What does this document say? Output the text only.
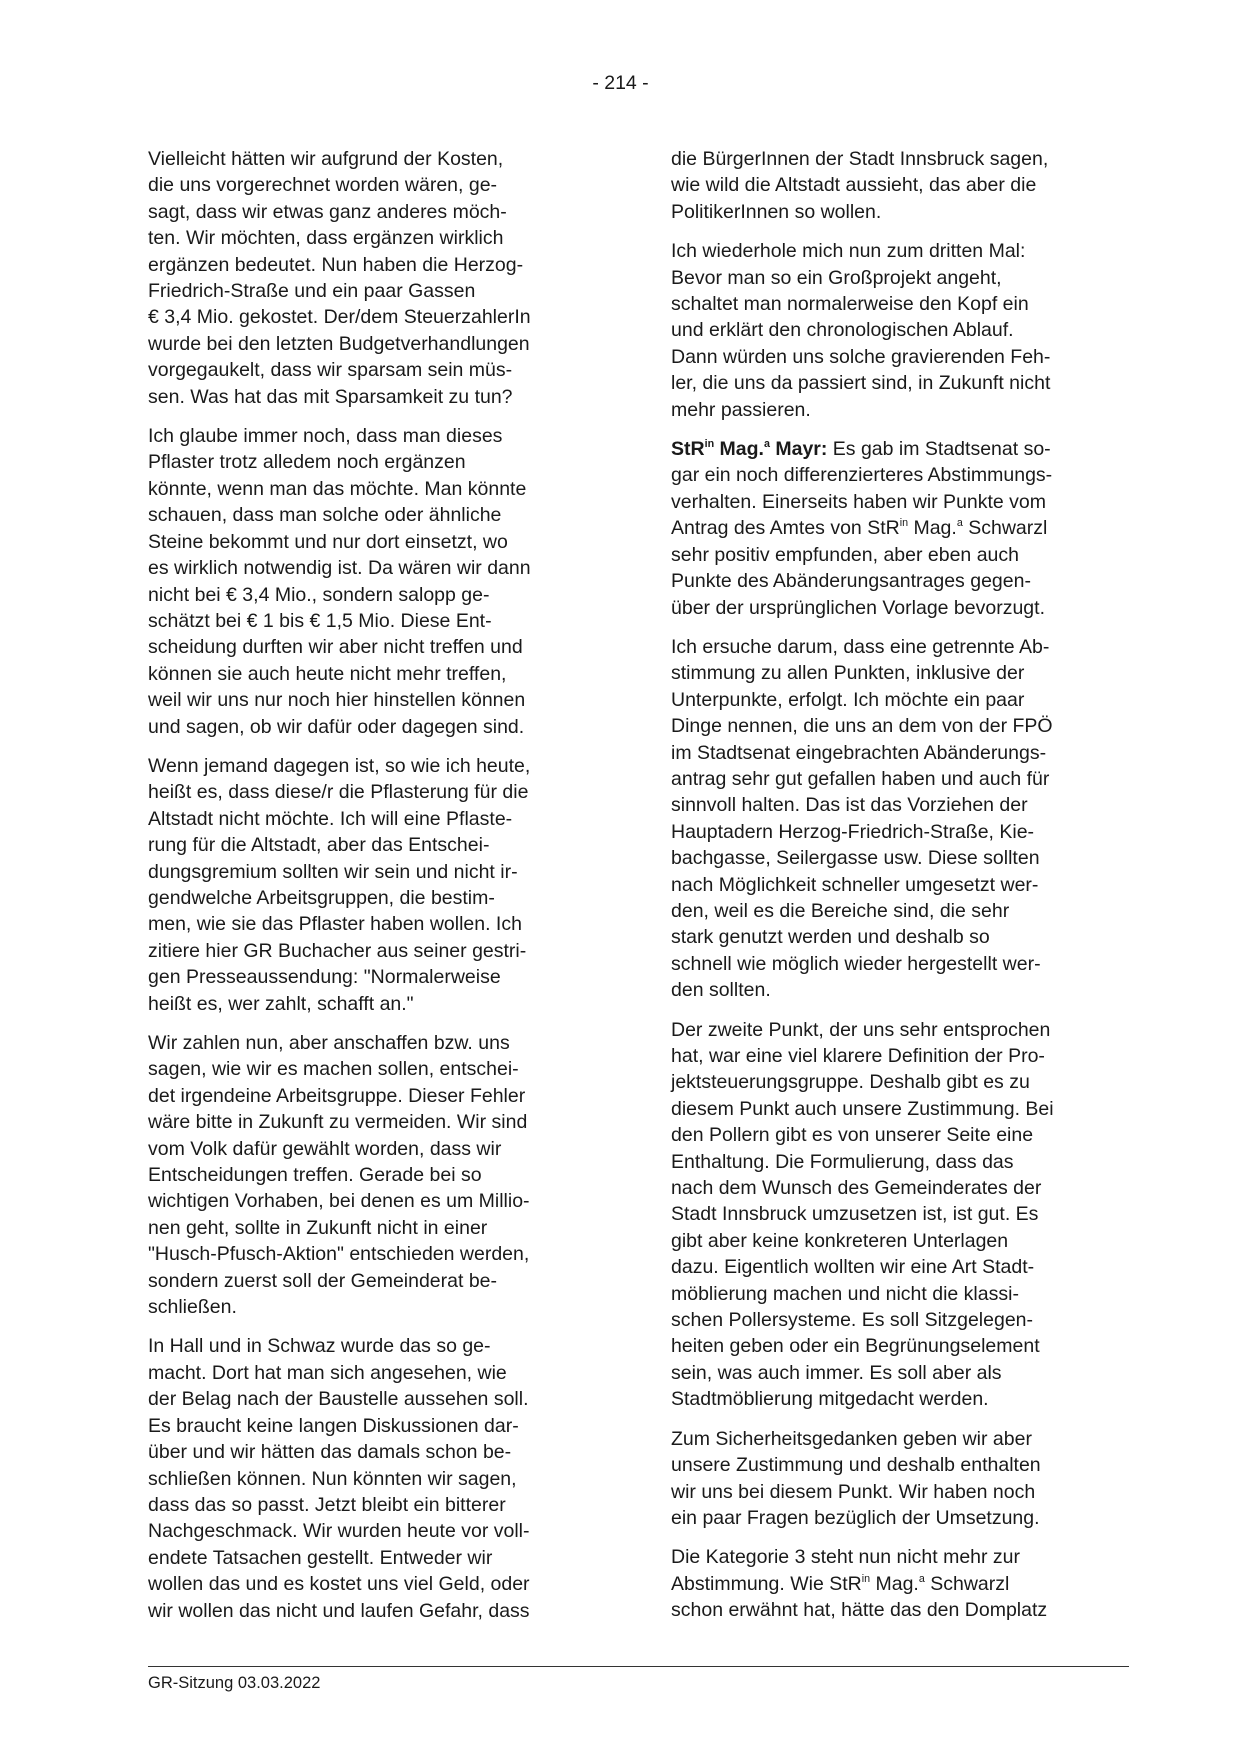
- 214 -

Vielleicht hätten wir aufgrund der Kosten,
die uns vorgerechnet worden wären, ge-
sagt, dass wir etwas ganz anderes möch-
ten. Wir möchten, dass ergänzen wirklich
ergänzen bedeutet. Nun haben die Herzog-
Friedrich-Straße und ein paar Gassen
€ 3,4 Mio. gekostet. Der/dem SteuerzahlerIn
wurde bei den letzten Budgetverhandlungen
vorgegaukelt, dass wir sparsam sein müs-
sen. Was hat das mit Sparsamkeit zu tun?

Ich glaube immer noch, dass man dieses
Pflaster trotz alledem noch ergänzen
könnte, wenn man das möchte. Man könnte
schauen, dass man solche oder ähnliche
Steine bekommt und nur dort einsetzt, wo
es wirklich notwendig ist. Da wären wir dann
nicht bei € 3,4 Mio., sondern salopp ge-
schätzt bei € 1 bis € 1,5 Mio. Diese Ent-
scheidung durften wir aber nicht treffen und
können sie auch heute nicht mehr treffen,
weil wir uns nur noch hier hinstellen können
und sagen, ob wir dafür oder dagegen sind.

Wenn jemand dagegen ist, so wie ich heute,
heißt es, dass diese/r die Pflasterung für die
Altstadt nicht möchte. Ich will eine Pflaste-
rung für die Altstadt, aber das Entschei-
dungsgremium sollten wir sein und nicht ir-
gendwelche Arbeitsgruppen, die bestim-
men, wie sie das Pflaster haben wollen. Ich
zitiere hier GR Buchacher aus seiner gestri-
gen Presseaussendung: "Normalerweise
heißt es, wer zahlt, schafft an."

Wir zahlen nun, aber anschaffen bzw. uns
sagen, wie wir es machen sollen, entschei-
det irgendeine Arbeitsgruppe. Dieser Fehler
wäre bitte in Zukunft zu vermeiden. Wir sind
vom Volk dafür gewählt worden, dass wir
Entscheidungen treffen. Gerade bei so
wichtigen Vorhaben, bei denen es um Millio-
nen geht, sollte in Zukunft nicht in einer
"Husch-Pfusch-Aktion" entschieden werden,
sondern zuerst soll der Gemeinderat be-
schließen.

In Hall und in Schwaz wurde das so ge-
macht. Dort hat man sich angesehen, wie
der Belag nach der Baustelle aussehen soll.
Es braucht keine langen Diskussionen dar-
über und wir hätten das damals schon be-
schließen können. Nun könnten wir sagen,
dass das so passt. Jetzt bleibt ein bitterer
Nachgeschmack. Wir wurden heute vor voll-
endete Tatsachen gestellt. Entweder wir
wollen das und es kostet uns viel Geld, oder
wir wollen das nicht und laufen Gefahr, dass

die BürgerInnen der Stadt Innsbruck sagen,
wie wild die Altstadt aussieht, das aber die
PolitikerInnen so wollen.

Ich wiederhole mich nun zum dritten Mal:
Bevor man so ein Großprojekt angeht,
schaltet man normalerweise den Kopf ein
und erklärt den chronologischen Ablauf.
Dann würden uns solche gravierenden Feh-
ler, die uns da passiert sind, in Zukunft nicht
mehr passieren.

StR$^{in}$ Mag.$^a$ Mayr: Es gab im Stadtsenat so-
gar ein noch differenzierteres Abstimmungs-
verhalten. Einerseits haben wir Punkte vom
Antrag des Amtes von StR$^{in}$ Mag.$^a$ Schwarzl
sehr positiv empfunden, aber eben auch
Punkte des Abänderungsantrages gegen-
über der ursprünglichen Vorlage bevorzugt.

Ich ersuche darum, dass eine getrennte Ab-
stimmung zu allen Punkten, inklusive der
Unterpunkte, erfolgt. Ich möchte ein paar
Dinge nennen, die uns an dem von der FPÖ
im Stadtsenat eingebrachten Abänderungs-
antrag sehr gut gefallen haben und auch für
sinnvoll halten. Das ist das Vorziehen der
Hauptadern Herzog-Friedrich-Straße, Kie-
bachgasse, Seilergasse usw. Diese sollten
nach Möglichkeit schneller umgesetzt wer-
den, weil es die Bereiche sind, die sehr
stark genutzt werden und deshalb so
schnell wie möglich wieder hergestellt wer-
den sollten.

Der zweite Punkt, der uns sehr entsprochen
hat, war eine viel klarere Definition der Pro-
jektsteuerungsgruppe. Deshalb gibt es zu
diesem Punkt auch unsere Zustimmung. Bei
den Pollern gibt es von unserer Seite eine
Enthaltung. Die Formulierung, dass das
nach dem Wunsch des Gemeinderates der
Stadt Innsbruck umzusetzen ist, ist gut. Es
gibt aber keine konkreteren Unterlagen
dazu. Eigentlich wollten wir eine Art Stadt-
möblierung machen und nicht die klassi-
schen Pollersysteme. Es soll Sitzgelegen-
heiten geben oder ein Begrünungselement
sein, was auch immer. Es soll aber als
Stadtmöblierung mitgedacht werden.

Zum Sicherheitsgedanken geben wir aber
unsere Zustimmung und deshalb enthalten
wir uns bei diesem Punkt. Wir haben noch
ein paar Fragen bezüglich der Umsetzung.

Die Kategorie 3 steht nun nicht mehr zur
Abstimmung. Wie StR$^{in}$ Mag.$^a$ Schwarzl
schon erwähnt hat, hätte das den Domplatz

GR-Sitzung 03.03.2022
